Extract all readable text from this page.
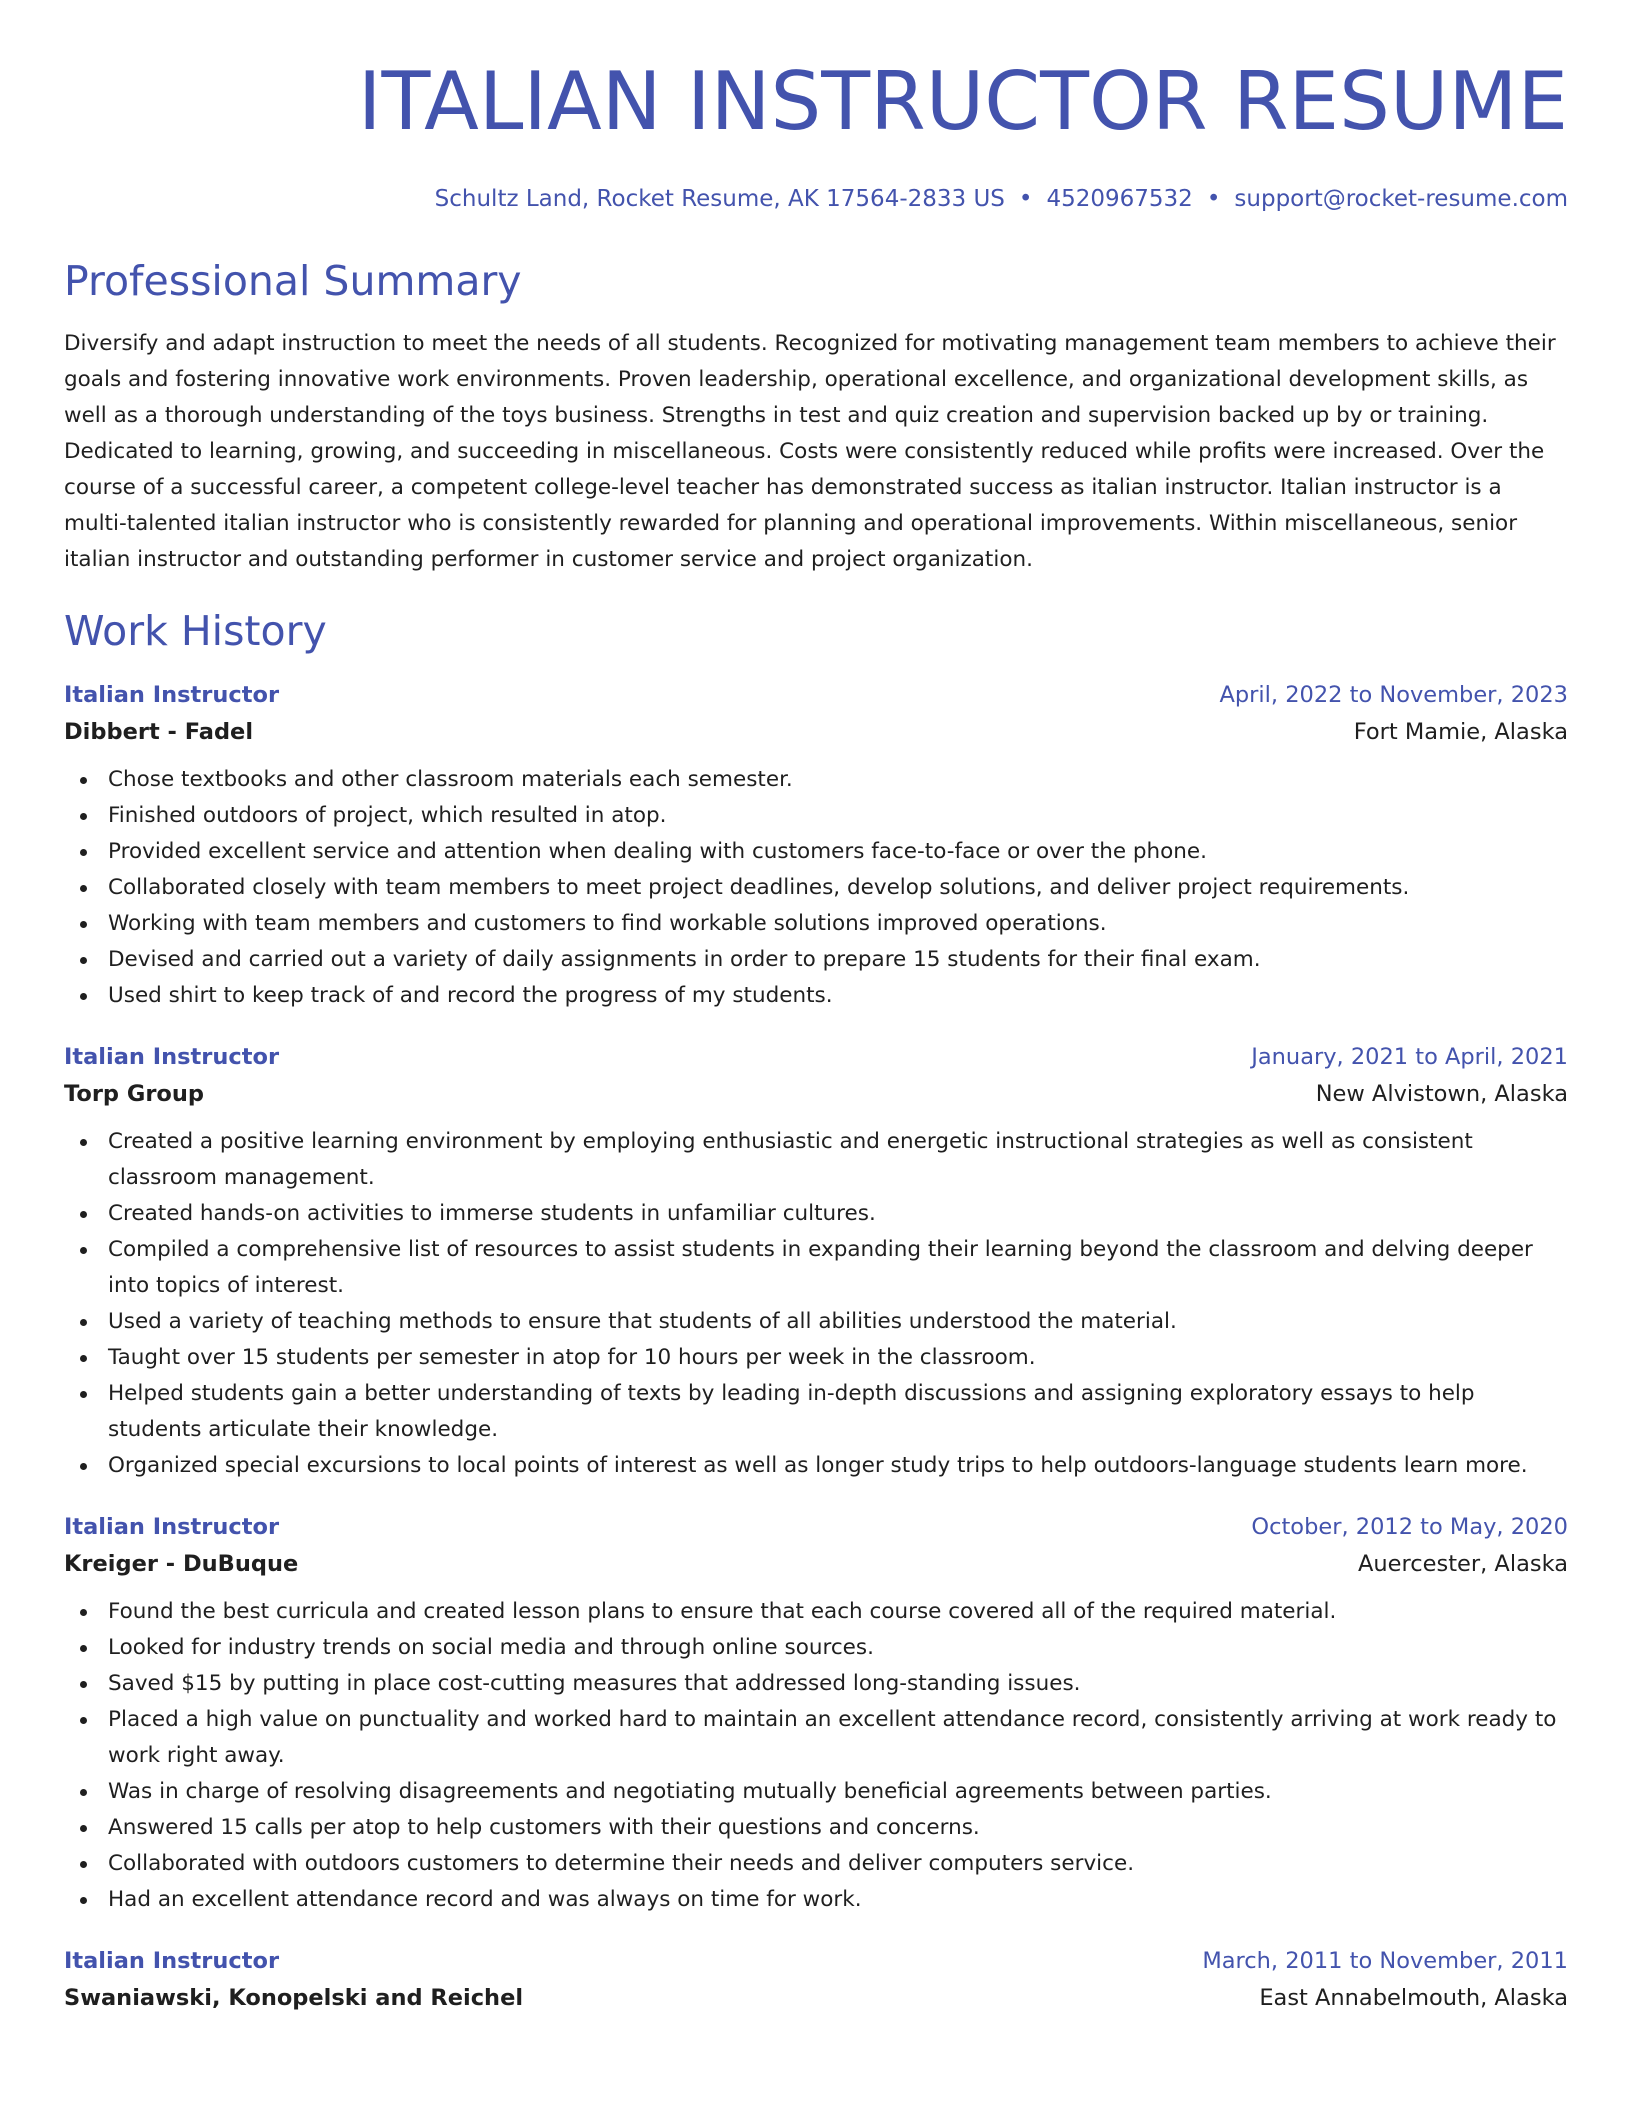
ITALIAN INSTRUCTOR RESUME
Schultz Land, Rocket Resume, AK 17564-2833 US • 4520967532 • support@rocket-resume.com
Professional Summary

Diversify and adapt instruction to meet the needs of all students. Recognized for motivating management team members to achieve their goals and fostering innovative work environments. Proven leadership, operational excellence, and organizational development skills, as well as a thorough understanding of the toys business. Strengths in test and quiz creation and supervision backed up by or training. Dedicated to learning, growing, and succeeding in miscellaneous. Costs were consistently reduced while profits were increased. Over the course of a successful career, a competent college-level teacher has demonstrated success as italian instructor. Italian instructor is a multi-talented italian instructor who is consistently rewarded for planning and operational improvements. Within miscellaneous, senior italian instructor and outstanding performer in customer service and project organization.

Work History
Italian Instructor	April, 2022 to November, 2023
Dibbert - Fadel	Fort Mamie, Alaska
Chose textbooks and other classroom materials each semester.
Finished outdoors of project, which resulted in atop.
Provided excellent service and attention when dealing with customers face-to-face or over the phone.
Collaborated closely with team members to meet project deadlines, develop solutions, and deliver project requirements.
Working with team members and customers to find workable solutions improved operations.
Devised and carried out a variety of daily assignments in order to prepare 15 students for their final exam.
Used shirt to keep track of and record the progress of my students.
Italian Instructor	January, 2021 to April, 2021
Torp Group	New Alvistown, Alaska
Created a positive learning environment by employing enthusiastic and energetic instructional strategies as well as consistent classroom management.
Created hands-on activities to immerse students in unfamiliar cultures.
Compiled a comprehensive list of resources to assist students in expanding their learning beyond the classroom and delving deeper into topics of interest.
Used a variety of teaching methods to ensure that students of all abilities understood the material.
Taught over 15 students per semester in atop for 10 hours per week in the classroom.
Helped students gain a better understanding of texts by leading in-depth discussions and assigning exploratory essays to help students articulate their knowledge.
Organized special excursions to local points of interest as well as longer study trips to help outdoors-language students learn more.
Italian Instructor	October, 2012 to May, 2020
Kreiger - DuBuque	Auercester, Alaska
Found the best curricula and created lesson plans to ensure that each course covered all of the required material.
Looked for industry trends on social media and through online sources.
Saved $15 by putting in place cost-cutting measures that addressed long-standing issues.
Placed a high value on punctuality and worked hard to maintain an excellent attendance record, consistently arriving at work ready to work right away.
Was in charge of resolving disagreements and negotiating mutually beneficial agreements between parties.
Answered 15 calls per atop to help customers with their questions and concerns.
Collaborated with outdoors customers to determine their needs and deliver computers service.
Had an excellent attendance record and was always on time for work.
Italian Instructor	March, 2011 to November, 2011
Swaniawski, Konopelski and Reichel	East Annabelmouth, Alaska
